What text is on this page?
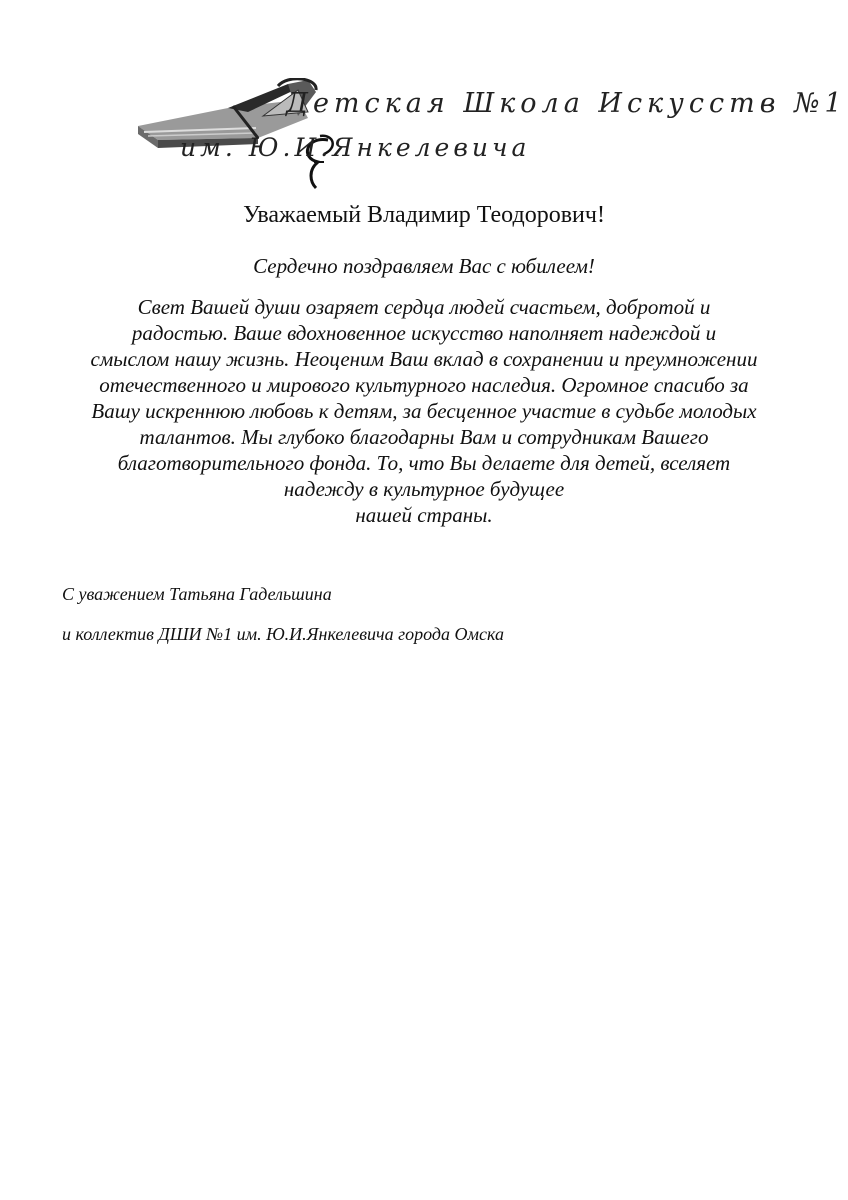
Детская Школа Искусств №1
им. Ю.И.Янкелевича
Уважаемый Владимир Теодорович!

Сердечно поздравляем Вас с юбилеем!

Свет Вашей души озаряет сердца людей счастьем, добротой и
радостью. Ваше вдохновенное искусство наполняет надеждой и
смыслом нашу жизнь. Неоценим Ваш вклад в сохранении и преумножении
отечественного и мирового культурного наследия. Огромное спасибо за
Вашу искреннюю любовь к детям, за бесценное участие в судьбе молодых
талантов. Мы глубоко благодарны Вам и сотрудникам Вашего
благотворительного фонда. То, что Вы делаете для детей, вселяет
надежду в культурное будущее
нашей страны.

С уважением Татьяна Гадельшина

и коллектив ДШИ №1 им. Ю.И.Янкелевича города Омска
